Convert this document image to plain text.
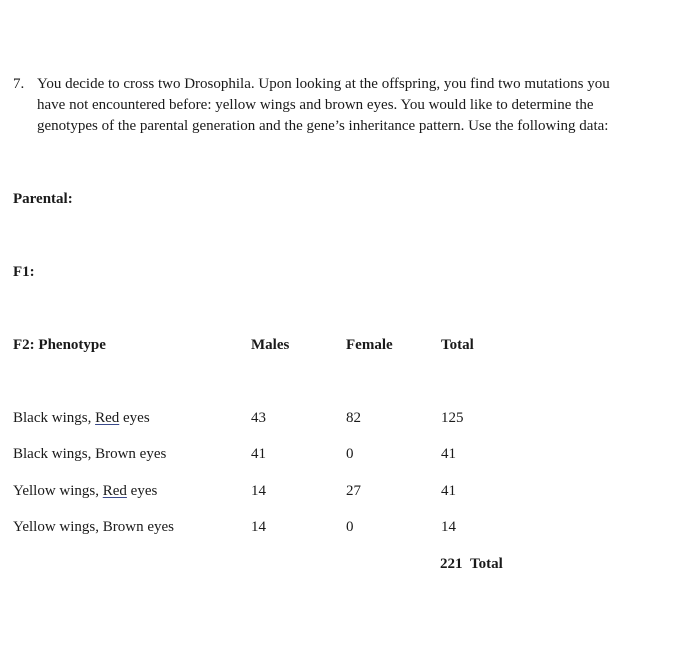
7. You decide to cross two Drosophila. Upon looking at the offspring, you find two mutations you have not encountered before: yellow wings and brown eyes. You would like to determine the genotypes of the parental generation and the gene’s inheritance pattern. Use the following data:
Parental:
F1:
F2: Phenotype	Males	Female	Total
Black wings, Red eyes	43	82	125
Black wings, Brown eyes	41	0	41
Yellow wings, Red eyes	14	27	41
Yellow wings, Brown eyes	14	0	14
221 Total
